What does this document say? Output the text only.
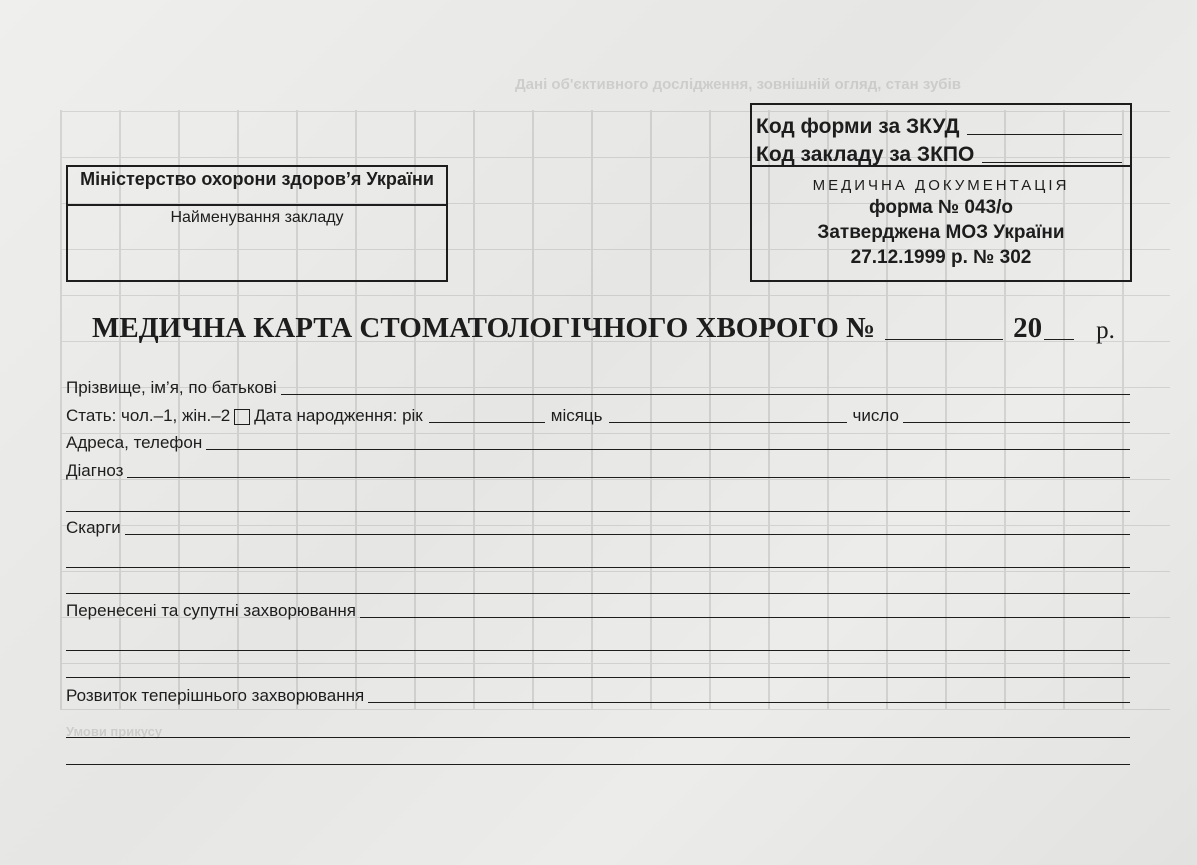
Дані об'єктивного дослідження, зовнішній огляд, стан зубів
Умови прикусу
Код форми за ЗКУД
Код закладу за ЗКПО
Міністерство охорони здоров’я України
Найменування закладу
МЕДИЧНА ДОКУМЕНТАЦІЯ
форма № 043/о
Затверджена МОЗ України
27.12.1999 р. № 302
МЕДИЧНА КАРТА СТОМАТОЛОГІЧНОГО ХВОРОГО №	20 р.
Прізвище, ім’я, по батькові
Стать: чол.–1, жін.–2 Дата народження: рік	місяць	число
Адреса, телефон
Діагноз
Скарги
Перенесені та супутні захворювання
Розвиток теперішнього захворювання
